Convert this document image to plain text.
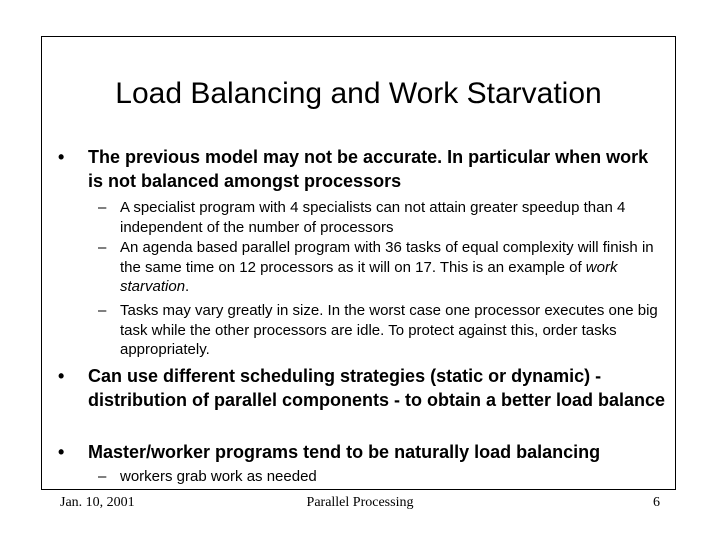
Load Balancing and Work Starvation
• The previous model may not be accurate. In particular when work is not balanced amongst processors
– A specialist program with 4 specialists can not attain greater speedup than 4 independent of the number of processors
– An agenda based parallel program with 36 tasks of equal complexity will finish in the same time on 12 processors as it will on 17. This is an example of work starvation.
– Tasks may vary greatly in size. In the worst case one processor executes one big task while the other processors are idle. To protect against this, order tasks appropriately.
• Can use different scheduling strategies (static or dynamic) - distribution of parallel components - to obtain a better load balance
• Master/worker programs tend to be naturally load balancing
– workers grab work as needed
Jan. 10, 2001	Parallel Processing	6
